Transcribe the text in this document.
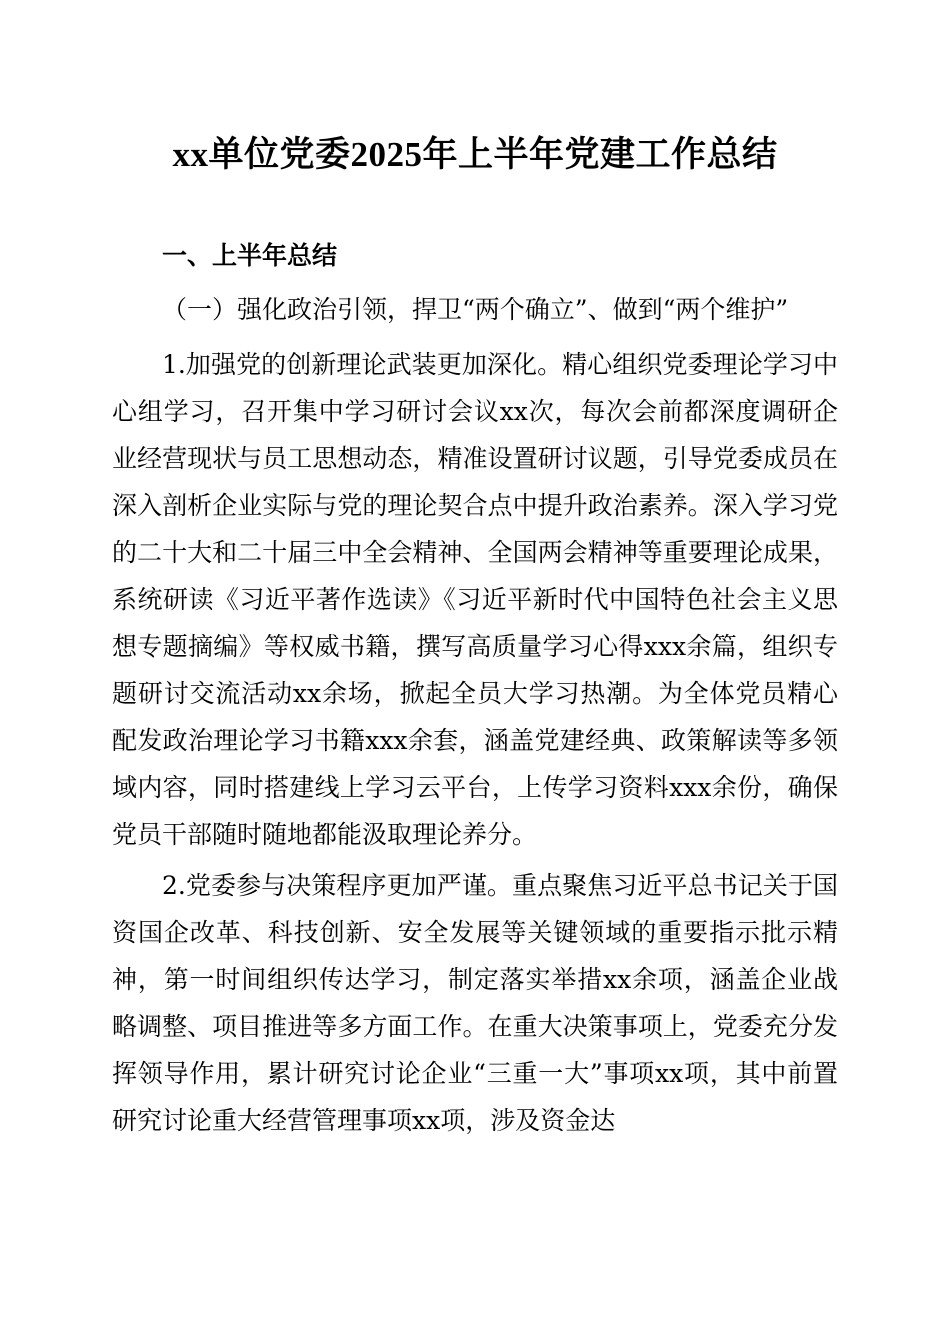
xx单位党委2025年上半年党建工作总结
一、上半年总结

（一）强化政治引领，捍卫“两个确立”、做到“两个维护”

1.加强党的创新理论武装更加深化。精心组织党委理论学习中心组学习，召开集中学习研讨会议xx次，每次会前都深度调研企业经营现状与员工思想动态，精准设置研讨议题，引导党委成员在深入剖析企业实际与党的理论契合点中提升政治素养。深入学习党的二十大和二十届三中全会精神、全国两会精神等重要理论成果，系统研读《习近平著作选读》《习近平新时代中国特色社会主义思想专题摘编》等权威书籍，撰写高质量学习心得xxx余篇，组织专题研讨交流活动xx余场，掀起全员大学习热潮。为全体党员精心配发政治理论学习书籍xxx余套，涵盖党建经典、政策解读等多领域内容，同时搭建线上学习云平台，上传学习资料xxx余份，确保党员干部随时随地都能汲取理论养分。

2.党委参与决策程序更加严谨。重点聚焦习近平总书记关于国资国企改革、科技创新、安全发展等关键领域的重要指示批示精神，第一时间组织传达学习，制定落实举措xx余项，涵盖企业战略调整、项目推进等多方面工作。在重大决策事项上，党委充分发挥领导作用，累计研究讨论企业“三重一大”事项xx项，其中前置研究讨论重大经营管理事项xx项，涉及资金达
